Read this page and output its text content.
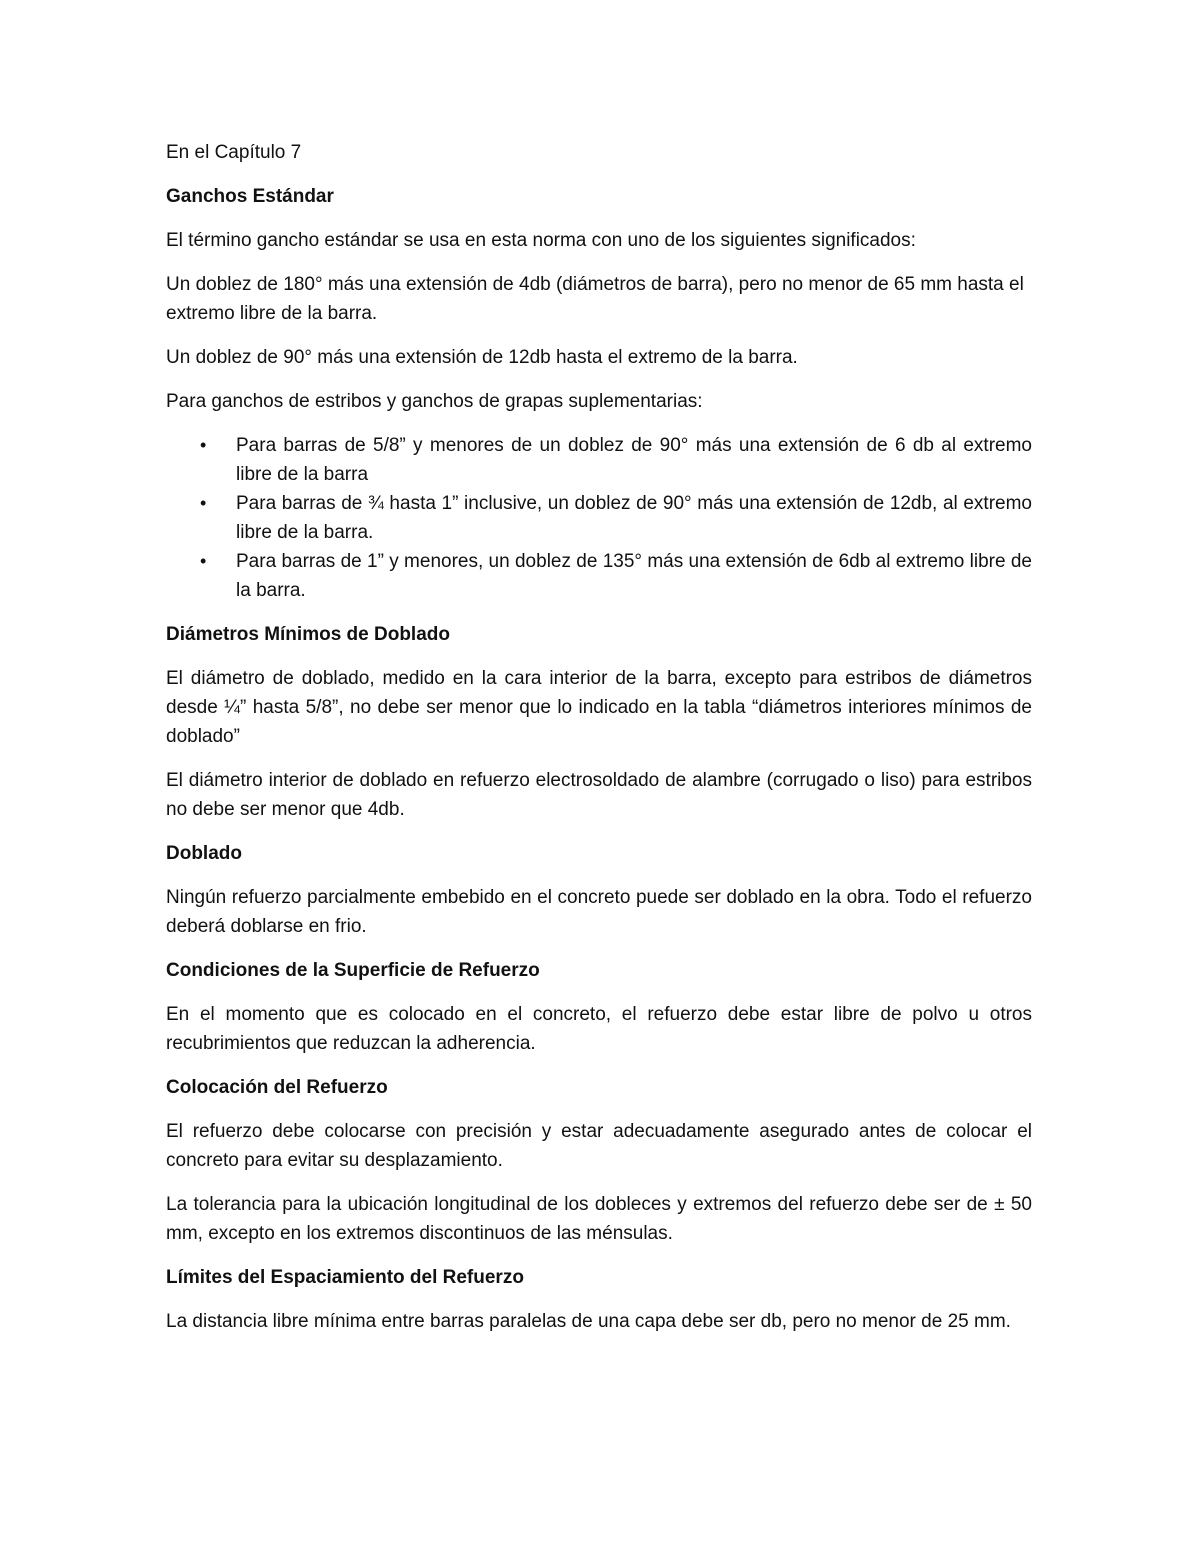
En el Capítulo 7

Ganchos Estándar

El término gancho estándar se usa en esta norma con uno de los siguientes significados:

Un doblez de 180° más una extensión de 4db (diámetros de barra), pero no menor de 65 mm hasta el extremo libre de la barra.

Un doblez de 90° más una extensión de 12db hasta el extremo de la barra.

Para ganchos de estribos y ganchos de grapas suplementarias:

• Para barras de 5/8” y menores de un doblez de 90° más una extensión de 6 db al extremo libre de la barra
• Para barras de ¾ hasta 1” inclusive, un doblez de 90° más una extensión de 12db, al extremo libre de la barra.
• Para barras de 1” y menores, un doblez de 135° más una extensión de 6db al extremo libre de la barra.

Diámetros Mínimos de Doblado

El diámetro de doblado, medido en la cara interior de la barra, excepto para estribos de diámetros desde ¼” hasta 5/8”, no debe ser menor que lo indicado en la tabla “diámetros interiores mínimos de doblado”

El diámetro interior de doblado en refuerzo electrosoldado de alambre (corrugado o liso) para estribos no debe ser menor que 4db.

Doblado

Ningún refuerzo parcialmente embebido en el concreto puede ser doblado en la obra. Todo el refuerzo deberá doblarse en frio.

Condiciones de la Superficie de Refuerzo

En el momento que es colocado en el concreto, el refuerzo debe estar libre de polvo u otros recubrimientos que reduzcan la adherencia.

Colocación del Refuerzo

El refuerzo debe colocarse con precisión y estar adecuadamente asegurado antes de colocar el concreto para evitar su desplazamiento.

La tolerancia para la ubicación longitudinal de los dobleces y extremos del refuerzo debe ser de ± 50 mm, excepto en los extremos discontinuos de las ménsulas.

Límites del Espaciamiento del Refuerzo

La distancia libre mínima entre barras paralelas de una capa debe ser db, pero no menor de 25 mm.
